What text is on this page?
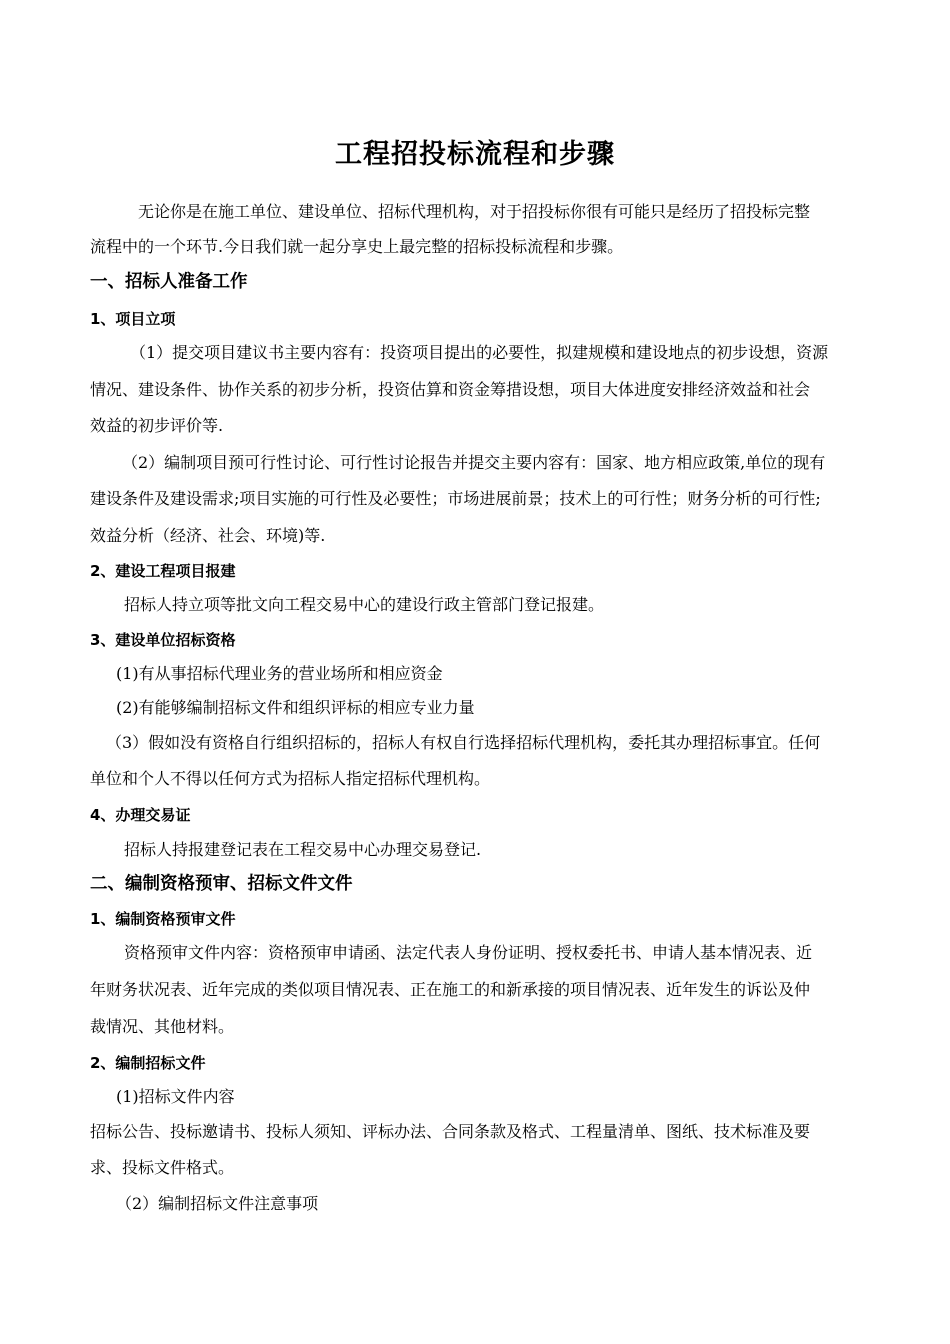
工程招投标流程和步骤
无论你是在施工单位、建设单位、招标代理机构，对于招投标你很有可能只是经历了招投标完整
流程中的一个环节.今日我们就一起分享史上最完整的招标投标流程和步骤。
一、招标人准备工作
1、项目立项
（1）提交项目建议书主要内容有：投资项目提出的必要性，拟建规模和建设地点的初步设想，资源
情况、建设条件、协作关系的初步分析，投资估算和资金筹措设想，项目大体进度安排经济效益和社会
效益的初步评价等.
（2）编制项目预可行性讨论、可行性讨论报告并提交主要内容有：国家、地方相应政策,单位的现有
建设条件及建设需求;项目实施的可行性及必要性；市场进展前景；技术上的可行性；财务分析的可行性;
效益分析（经济、社会、环境)等.
2、建设工程项目报建
招标人持立项等批文向工程交易中心的建设行政主管部门登记报建。
3、建设单位招标资格
(1)有从事招标代理业务的营业场所和相应资金
(2)有能够编制招标文件和组织评标的相应专业力量
（3）假如没有资格自行组织招标的，招标人有权自行选择招标代理机构，委托其办理招标事宜。任何
单位和个人不得以任何方式为招标人指定招标代理机构。
4、办理交易证
招标人持报建登记表在工程交易中心办理交易登记.
二、编制资格预审、招标文件文件
1、编制资格预审文件
资格预审文件内容：资格预审申请函、法定代表人身份证明、授权委托书、申请人基本情况表、近
年财务状况表、近年完成的类似项目情况表、正在施工的和新承接的项目情况表、近年发生的诉讼及仲
裁情况、其他材料。
2、编制招标文件
(1)招标文件内容
招标公告、投标邀请书、投标人须知、评标办法、合同条款及格式、工程量清单、图纸、技术标准及要
求、投标文件格式。
（2）编制招标文件注意事项
